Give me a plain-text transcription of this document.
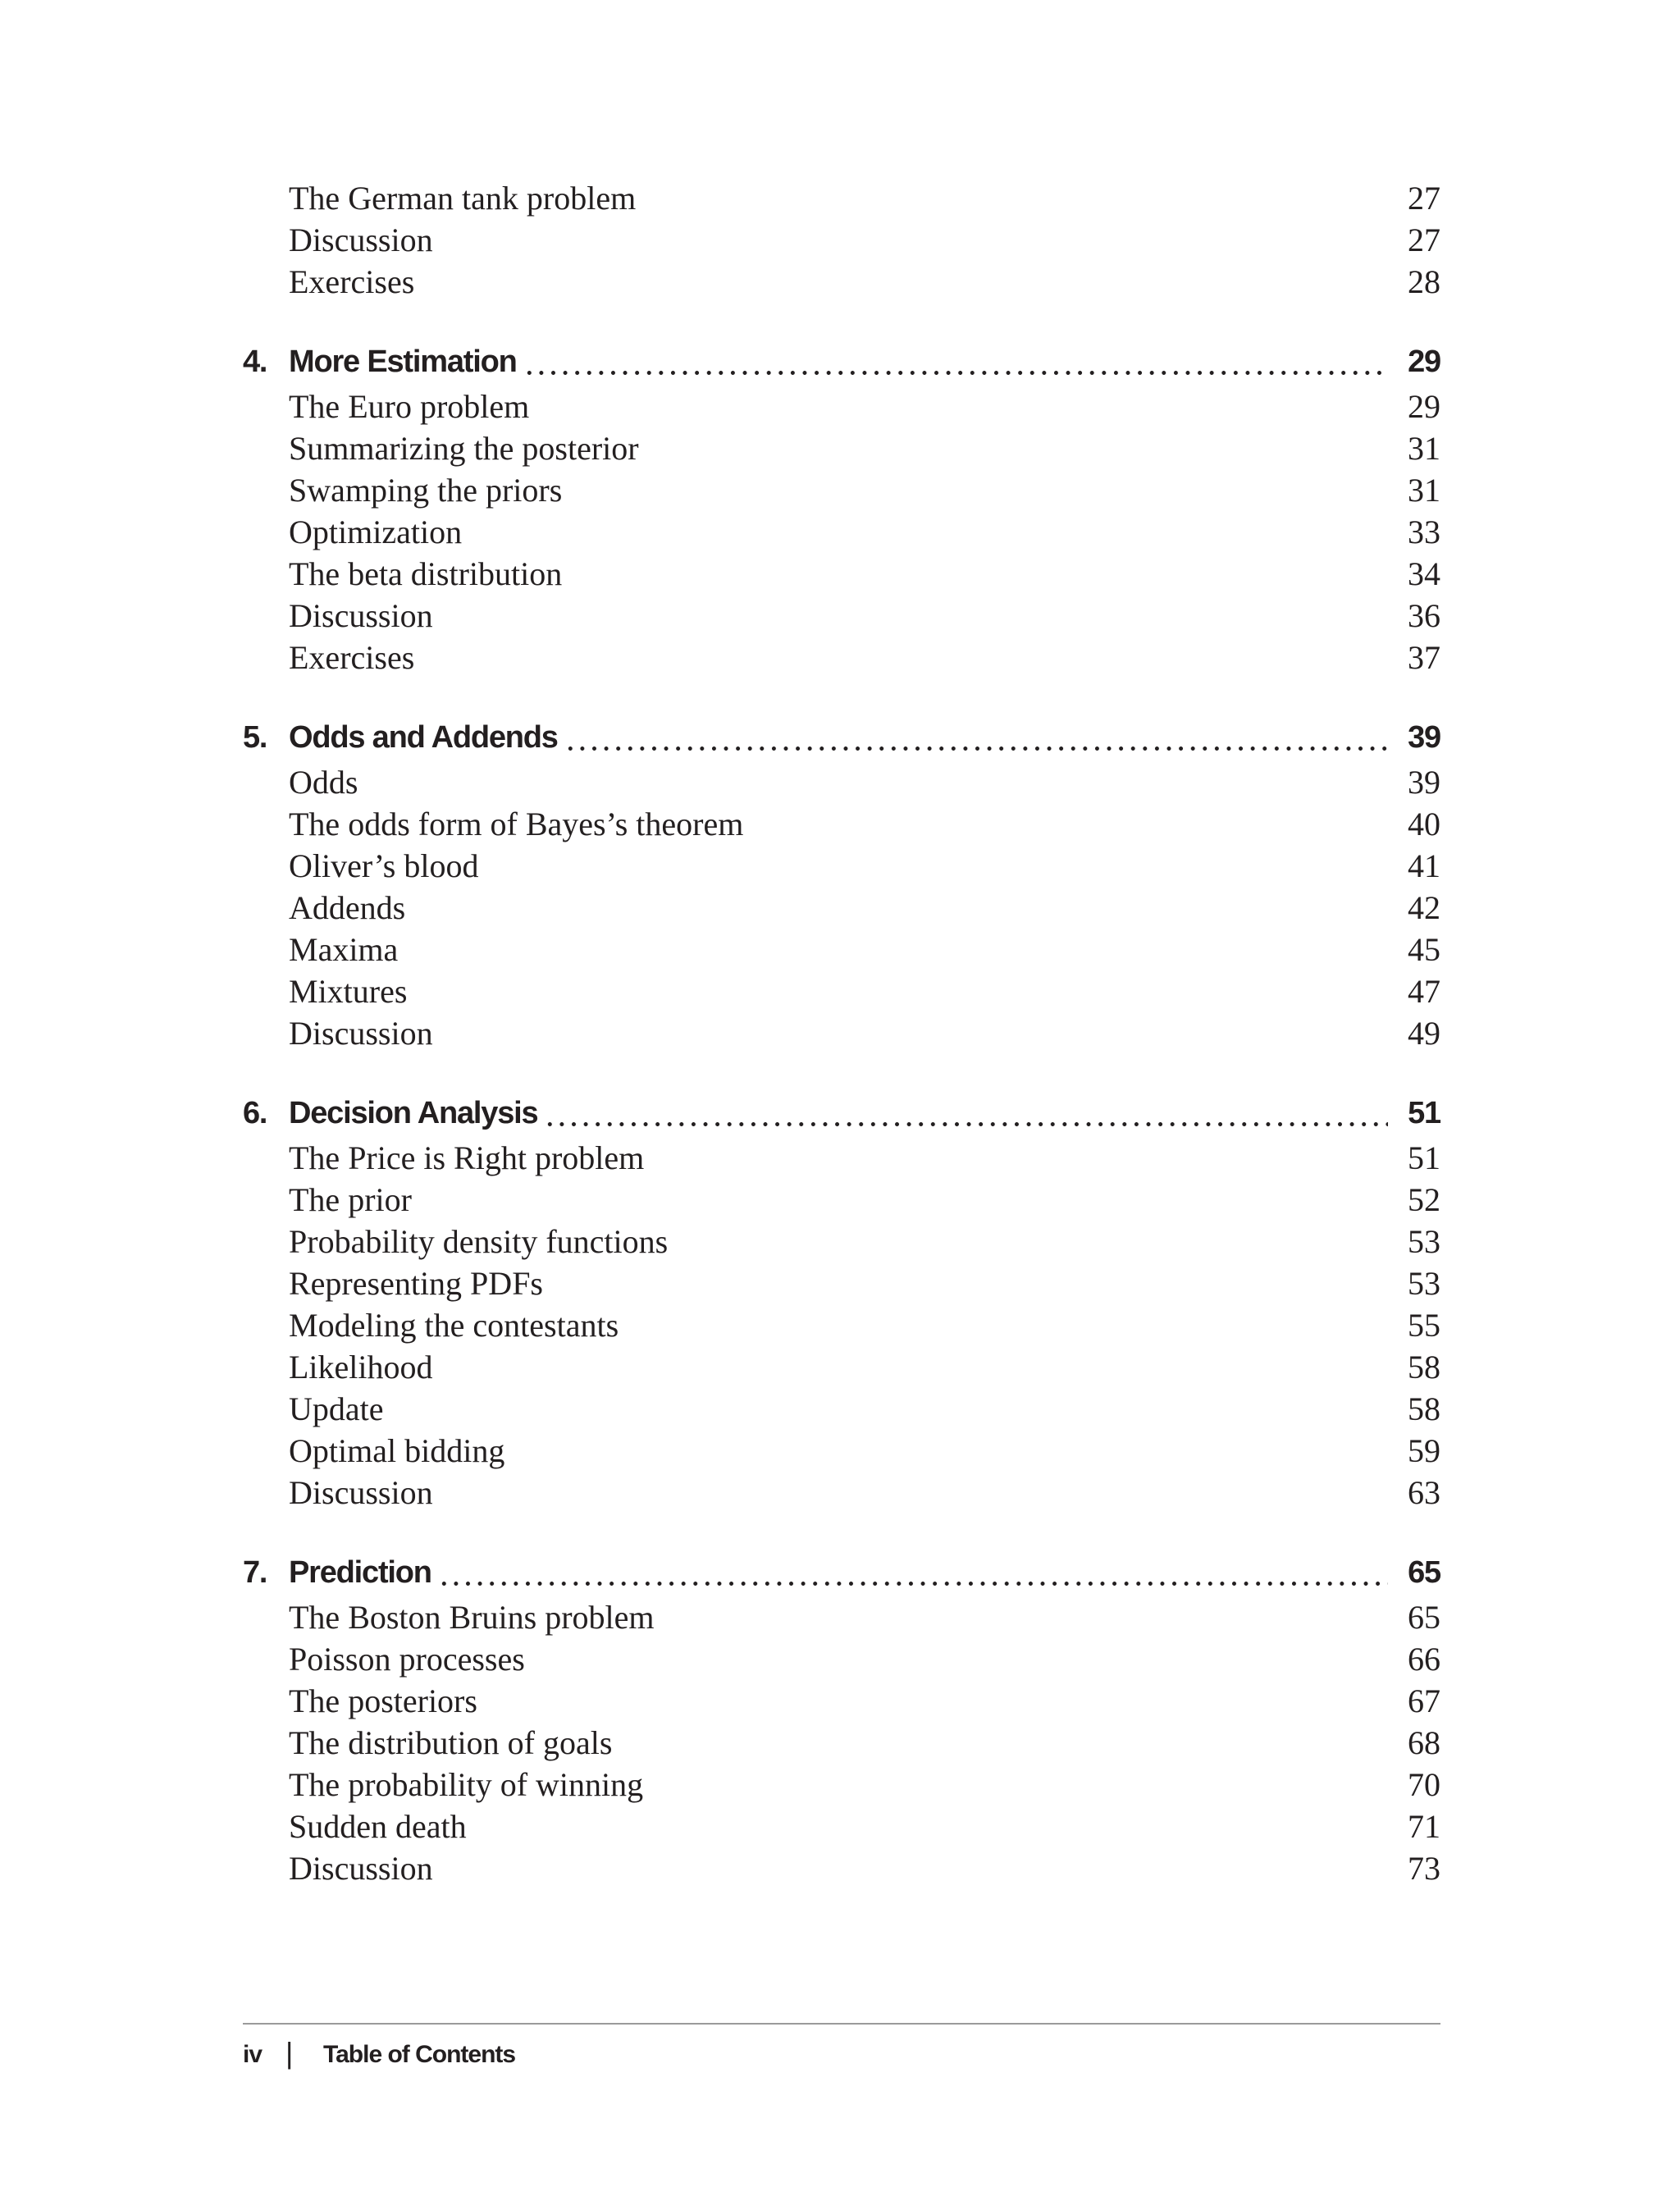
The German tank problem	27
Discussion	27
Exercises	28
4. More Estimation	29
The Euro problem	29
Summarizing the posterior	31
Swamping the priors	31
Optimization	33
The beta distribution	34
Discussion	36
Exercises	37
5. Odds and Addends	39
Odds	39
The odds form of Bayes’s theorem	40
Oliver’s blood	41
Addends	42
Maxima	45
Mixtures	47
Discussion	49
6. Decision Analysis	51
The Price is Right problem	51
The prior	52
Probability density functions	53
Representing PDFs	53
Modeling the contestants	55
Likelihood	58
Update	58
Optimal bidding	59
Discussion	63
7. Prediction	65
The Boston Bruins problem	65
Poisson processes	66
The posteriors	67
The distribution of goals	68
The probability of winning	70
Sudden death	71
Discussion	73
iv | Table of Contents
